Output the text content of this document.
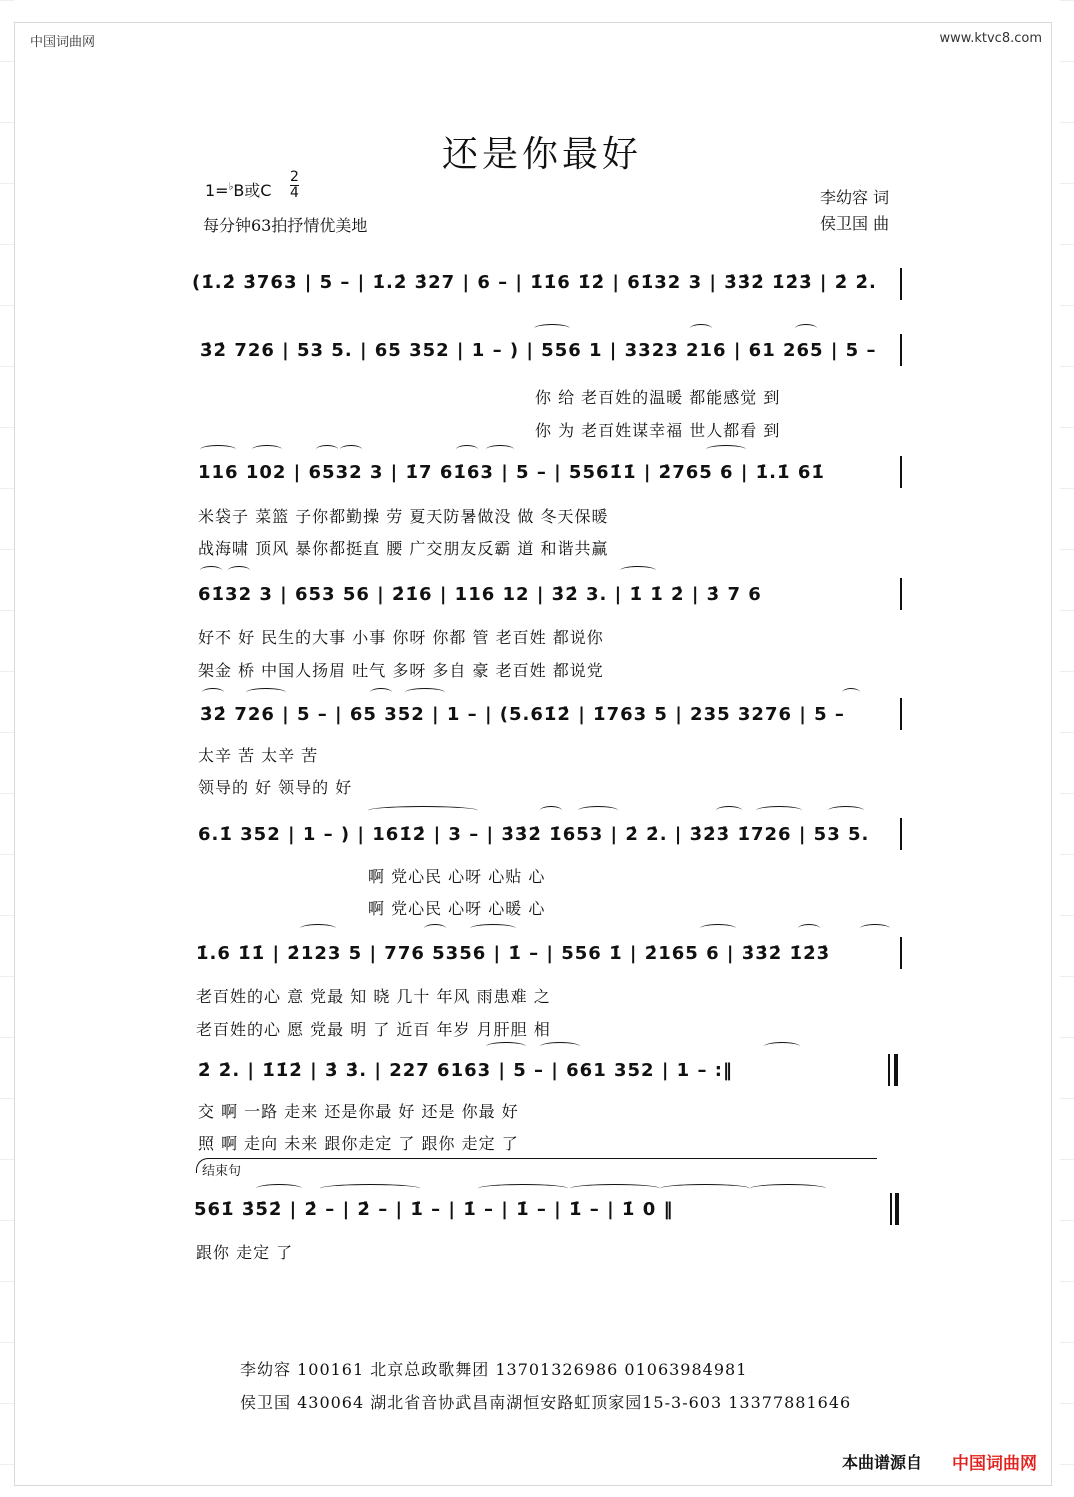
中国词曲网	www.ktvc8.com
还是你最好
1=♭B或C
2
4
每分钟63拍抒情优美地
李幼容 词
侯卫国 曲
(1̇.2̇ 3̇763 | 5 – | 1̇.2̇ 3̇27 | 6 – | 1̇1̇6 1̇2̇ | 61̇32 3 | 3̇3̇2̇ 1̇2̇3̇ | 2̇ 2̇.
3̇2̇ 726 | 53 5. | 65 352 | 1 – ) | 556 1 | 3323 216 | 61 265 | 5 –
你 给 老百姓的温暖 都能感觉 到
你 为 老百姓谋幸福 世人都看 到
116 102 | 6532 3 | 1̇7 61̇63 | 5 – | 5561̇1̇ | 2̇765 6 | 1̇.1̇ 61̇
米袋子 菜篮 子你都勤操 劳 夏天防暑做没 做 冬天保暖
战海啸 顶风 暴你都挺直 腰 广交朋友反霸 道 和谐共赢
61̇32 3 | 653 56 | 2̇1̇6 | 116 12 | 3̇2̇ 3. | 1̇ 1̇ 2̇ | 3̇ 7 6
好不 好 民生的大事 小事 你呀 你都 管 老百姓 都说你
架金 桥 中国人扬眉 吐气 多呀 多自 豪 老百姓 都说党
3̇2̇ 726 | 5 – | 65 352 | 1 – | (5.61̇2̇ | 1̇763 5 | 235 3276 | 5 –
太辛 苦 太辛 苦
领导的 好 领导的 好
6.1̇ 352 | 1 – ) | 161̇2̇ | 3 – | 3̇3̇2̇ 1̇653 | 2̇ 2̇. | 3̇2̇3̇ 1̇726 | 53 5.
啊 党心民 心呀 心贴 心
啊 党心民 心呀 心暖 心
1̇.6 1̇1̇ | 2̇123 5 | 776 5356 | 1̇ – | 556 1̇ | 2̇165 6 | 3̇3̇2̇ 1̇2̇3̇
老百姓的心 意 党最 知 晓 几十 年风 雨患难 之
老百姓的心 愿 党最 明 了 近百 年岁 月肝胆 相
2̇ 2̇. | 1̇1̇2̇ | 3̇ 3̇. | 227 6163 | 5 – | 661 352 | 1 – :‖
交 啊 一路 走来 还是你最 好 还是 你最 好
照 啊 走向 未来 跟你走定 了 跟你 走定 了
结束句
561̇ 3̇5̇2̇ | 2̇ – | 2̇ – | 1̇ – | 1̇ – | 1̇ – | 1̇ – | 1̇ 0 ‖
跟你 走定 了
李幼容 100161 北京总政歌舞团 13701326986 01063984981
侯卫国 430064 湖北省音协武昌南湖恒安路虹顶家园15-3-603 13377881646
本曲谱源自 中国词曲网
